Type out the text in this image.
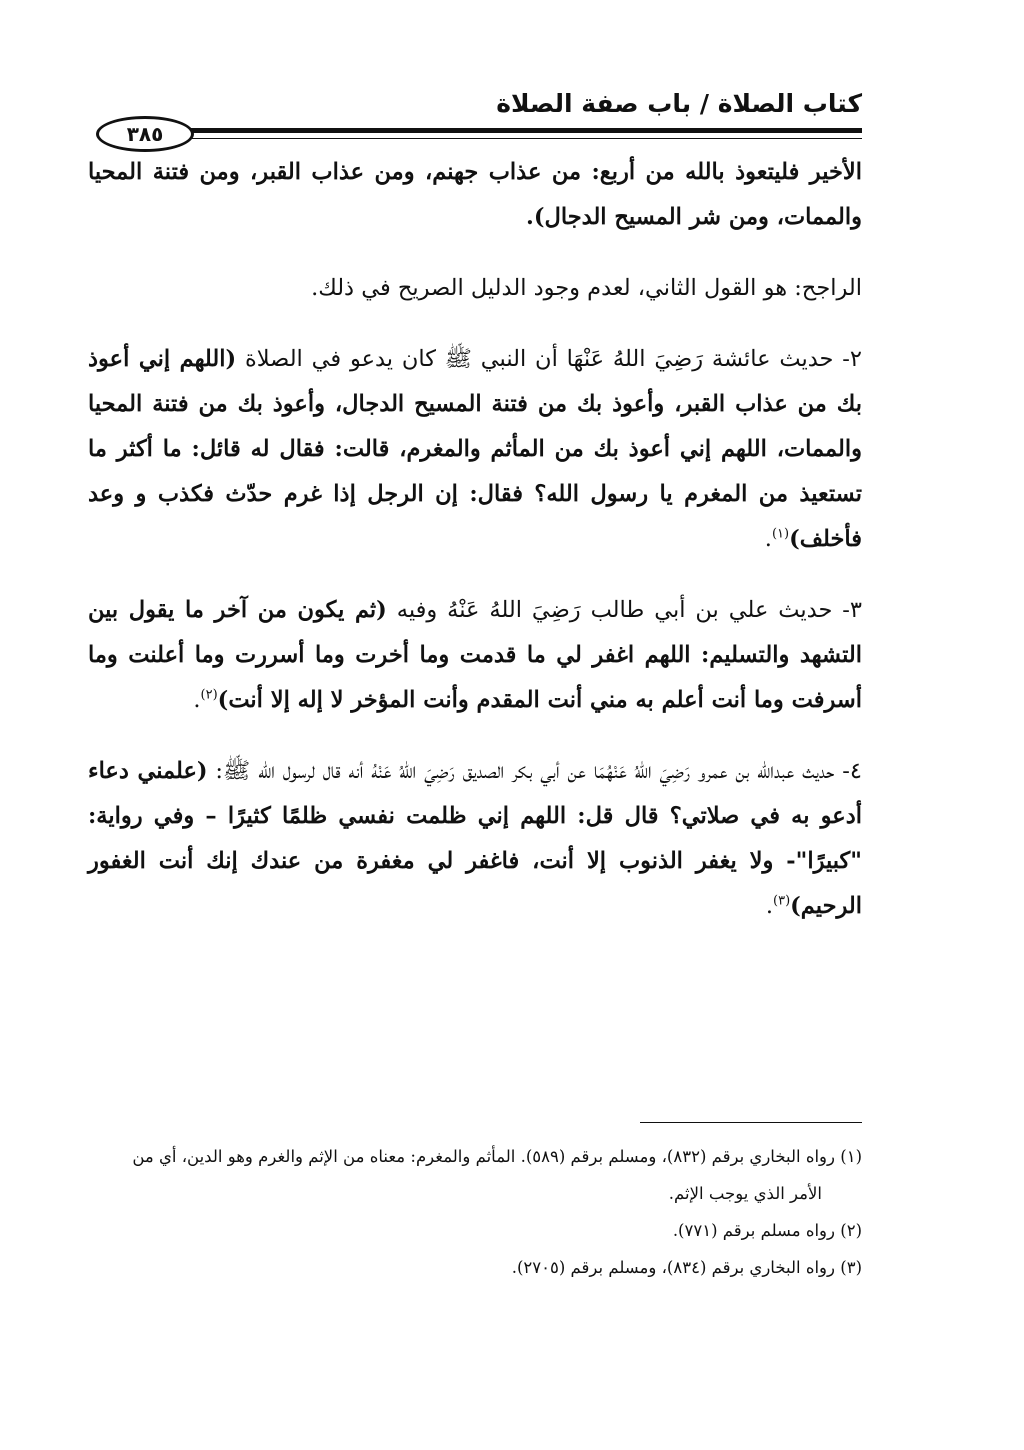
كتاب الصلاة / باب صفة الصلاة
٣٨٥

الأخير فليتعوذ بالله من أربع: من عذاب جهنم، ومن عذاب القبر، ومن فتنة المحيا والممات، ومن شر المسيح الدجال).

الراجح: هو القول الثاني، لعدم وجود الدليل الصريح في ذلك.

٢- حديث عائشة رَضِيَ اللهُ عَنْهَا أن النبي ﷺ كان يدعو في الصلاة (اللهم إني أعوذ بك من عذاب القبر، وأعوذ بك من فتنة المسيح الدجال، وأعوذ بك من فتنة المحيا والممات، اللهم إني أعوذ بك من المأثم والمغرم، قالت: فقال له قائل: ما أكثر ما تستعيذ من المغرم يا رسول الله؟ فقال: إن الرجل إذا غرم حدّث فكذب و وعد فأخلف)$^{(١)}$.

٣- حديث علي بن أبي طالب رَضِيَ اللهُ عَنْهُ وفيه (ثم يكون من آخر ما يقول بين التشهد والتسليم: اللهم اغفر لي ما قدمت وما أخرت وما أسررت وما أعلنت وما أسرفت وما أنت أعلم به مني أنت المقدم وأنت المؤخر لا إله إلا أنت)$^{(٢)}$.

٤- حديث عبدالله بن عمرو رَضِيَ اللهُ عَنْهُمَا عن أبي بكر الصديق رَضِيَ اللهُ عَنْهُ أنه قال لرسول الله ﷺ: (علمني دعاء أدعو به في صلاتي؟ قال قل: اللهم إني ظلمت نفسي ظلمًا كثيرًا – وفي رواية: "كبيرًا"- ولا يغفر الذنوب إلا أنت، فاغفر لي مغفرة من عندك إنك أنت الغفور الرحيم)$^{(٣)}$.

(١) رواه البخاري برقم (٨٣٢)، ومسلم برقم (٥٨٩). المأثم والمغرم: معناه من الإثم والغرم وهو الدين، أي من
الأمر الذي يوجب الإثم.
(٢) رواه مسلم برقم (٧٧١).
(٣) رواه البخاري برقم (٨٣٤)، ومسلم برقم (٢٧٠٥).
